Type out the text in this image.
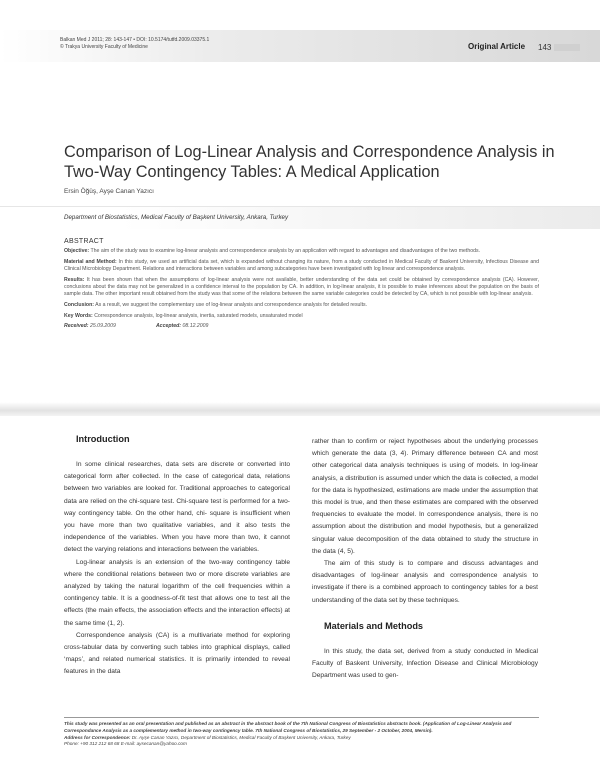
Balkan Med J 2011; 28: 143-147 • DOI: 10.5174/tutfd.2009.03375.1
© Trakya University Faculty of Medicine	Original Article 143
Comparison of Log-Linear Analysis and Correspondence Analysis in Two-Way Contingency Tables: A Medical Application
Ersin Öğüş, Ayşe Canan Yazıcı
Department of Biostatistics, Medical Faculty of Başkent University, Ankara, Turkey
ABSTRACT

Objective: The aim of the study was to examine log-linear analysis and correspondence analysis by an application with regard to advantages and disadvantages of the two methods.

Material and Method: In this study, we used an artificial data set, which is expanded without changing its nature, from a study conducted in Medical Faculty of Baskent University, Infectious Disease and Clinical Microbiology Department. Relations and interactions between variables and among subcategories have been investigated with log linear and correspondence analysis.

Results: It has been shown that when the assumptions of log-linear analysis were not available, better understanding of the data set could be obtained by correspondence analysis (CA). However, conclusions about the data may not be generalized in a confidence interval to the population by CA. In addition, in log-linear analysis, it is possible to make inferences about the population on the basis of sample data. The other important result obtained from the study was that some of the relations between the same variable categories could be detected by CA, which is not possible with log-linear analysis.

Conclusion: As a result, we suggest the complementary use of log-linear analysis and correspondence analysis for detailed results.

Key Words: Correspondence analysis, log-linear analysis, inertia, saturated models, unsaturated model

Received: 25.09.2009	Accepted: 08.12.2009

Introduction

In some clinical researches, data sets are discrete or converted into categorical form after collected. In the case of categorical data, relations between two variables are looked for. Traditional approaches to categorical data are relied on the chi-square test. Chi-square test is performed for a two-way contingency table. On the other hand, chi- square is insufficient when you have more than two qualitative variables, and it also tests the independence of the variables. When you have more than two, it cannot detect the varying relations and interactions between the variables.

Log-linear analysis is an extension of the two-way contingency table where the conditional relations between two or more discrete variables are analyzed by taking the natural logarithm of the cell frequencies within a contingency table. It is a goodness-of-fit test that allows one to test all the effects (the main effects, the association effects and the interaction effects) at the same time (1, 2).

Correspondence analysis (CA) is a multivariate method for exploring cross-tabular data by converting such tables into graphical displays, called ‘maps’, and related numerical statistics. It is primarily intended to reveal features in the data

rather than to confirm or reject hypotheses about the underlying processes which generate the data (3, 4). Primary difference between CA and most other categorical data analysis techniques is using of models. In log-linear analysis, a distribution is assumed under which the data is collected, a model for the data is hypothesized, estimations are made under the assumption that this model is true, and then these estimates are compared with the observed frequencies to evaluate the model. In correspondence analysis, there is no assumption about the distribution and model hypothesis, but a generalized singular value decomposition of the data obtained to study the structure in the data (4, 5).

The aim of this study is to compare and discuss advantages and disadvantages of log-linear analysis and correspondence analysis to investigate if there is a combined approach to contingency tables for a best understanding of the data set by these techniques.

Materials and Methods

In this study, the data set, derived from a study conducted in Medical Faculty of Baskent University, Infection Disease and Clinical Microbiology Department was used to gen-

This study was presented as an oral presentation and published as an abstract in the abstract book of the 7th National Congress of Biostatistics abstracts book. (Application of Log-Linear Analysis and Correspondance Analysis as a complementary method in two-way contingency table. 7th National Congress of Biostatistics, 29 September - 2 October, 2004, Mersin).

Address for Correspondence: Dr. Ayşe Canan Yazıcı, Department of Biostatistics, Medical Faculty of Başkent University, Ankara, Turkey

Phone: +90 312 212 68 68 E-mail: aysecanan@yahoo.com
